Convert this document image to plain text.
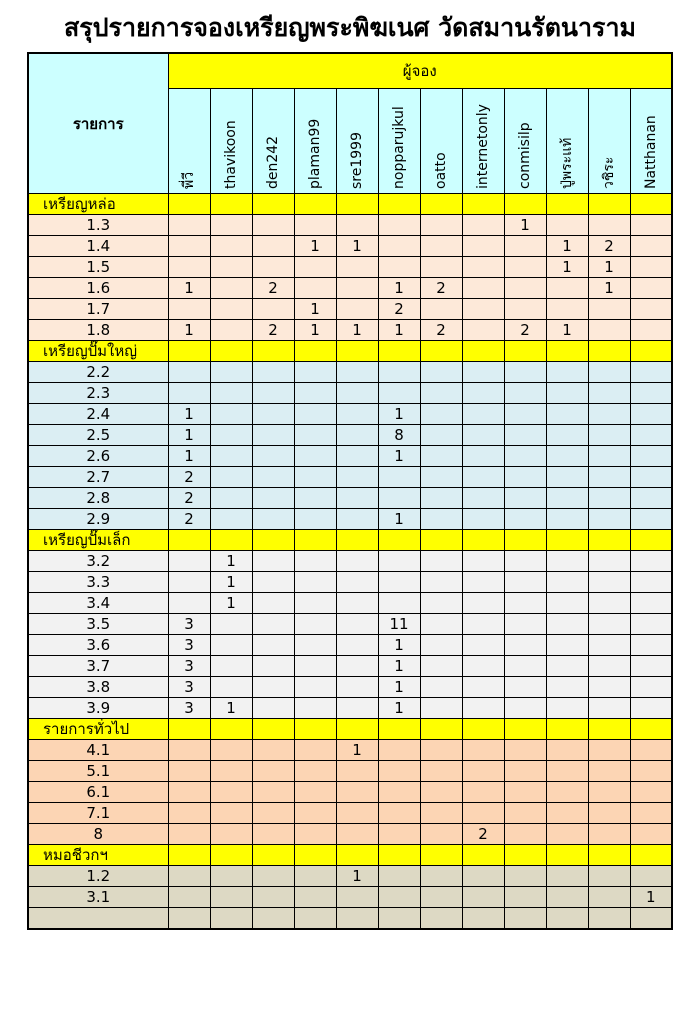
สรุปรายการจองเหรียญพระพิฆเนศ วัดสมานรัตนาราม
รายการ	ผู้จอง											

	พี่วี	thavikoon	den242	plaman99	sre1999	nopparujkul	oatto	internetonly	conmisilp	ปู่พระแท้	วชิระ	Natthanan

เหรียญหล่อ												
1.3									1			
1.4				1	1					1	2	
1.5										1	1	
1.6	1		2			1	2				1	
1.7				1		2						
1.8	1		2	1	1	1	2		2	1		
เหรียญปั๊มใหญ่												
2.2												
2.3												
2.4	1					1						
2.5	1					8						
2.6	1					1						
2.7	2											
2.8	2											
2.9	2					1						
เหรียญปั๊มเล็ก												
3.2		1										
3.3		1										
3.4		1										
3.5	3					11						
3.6	3					1						
3.7	3					1						
3.8	3					1						
3.9	3	1				1						
รายการทั่วไป												
4.1					1							
5.1												
6.1												
7.1												
8								2				
หมอชีวกฯ												
1.2					1							
3.1												1
